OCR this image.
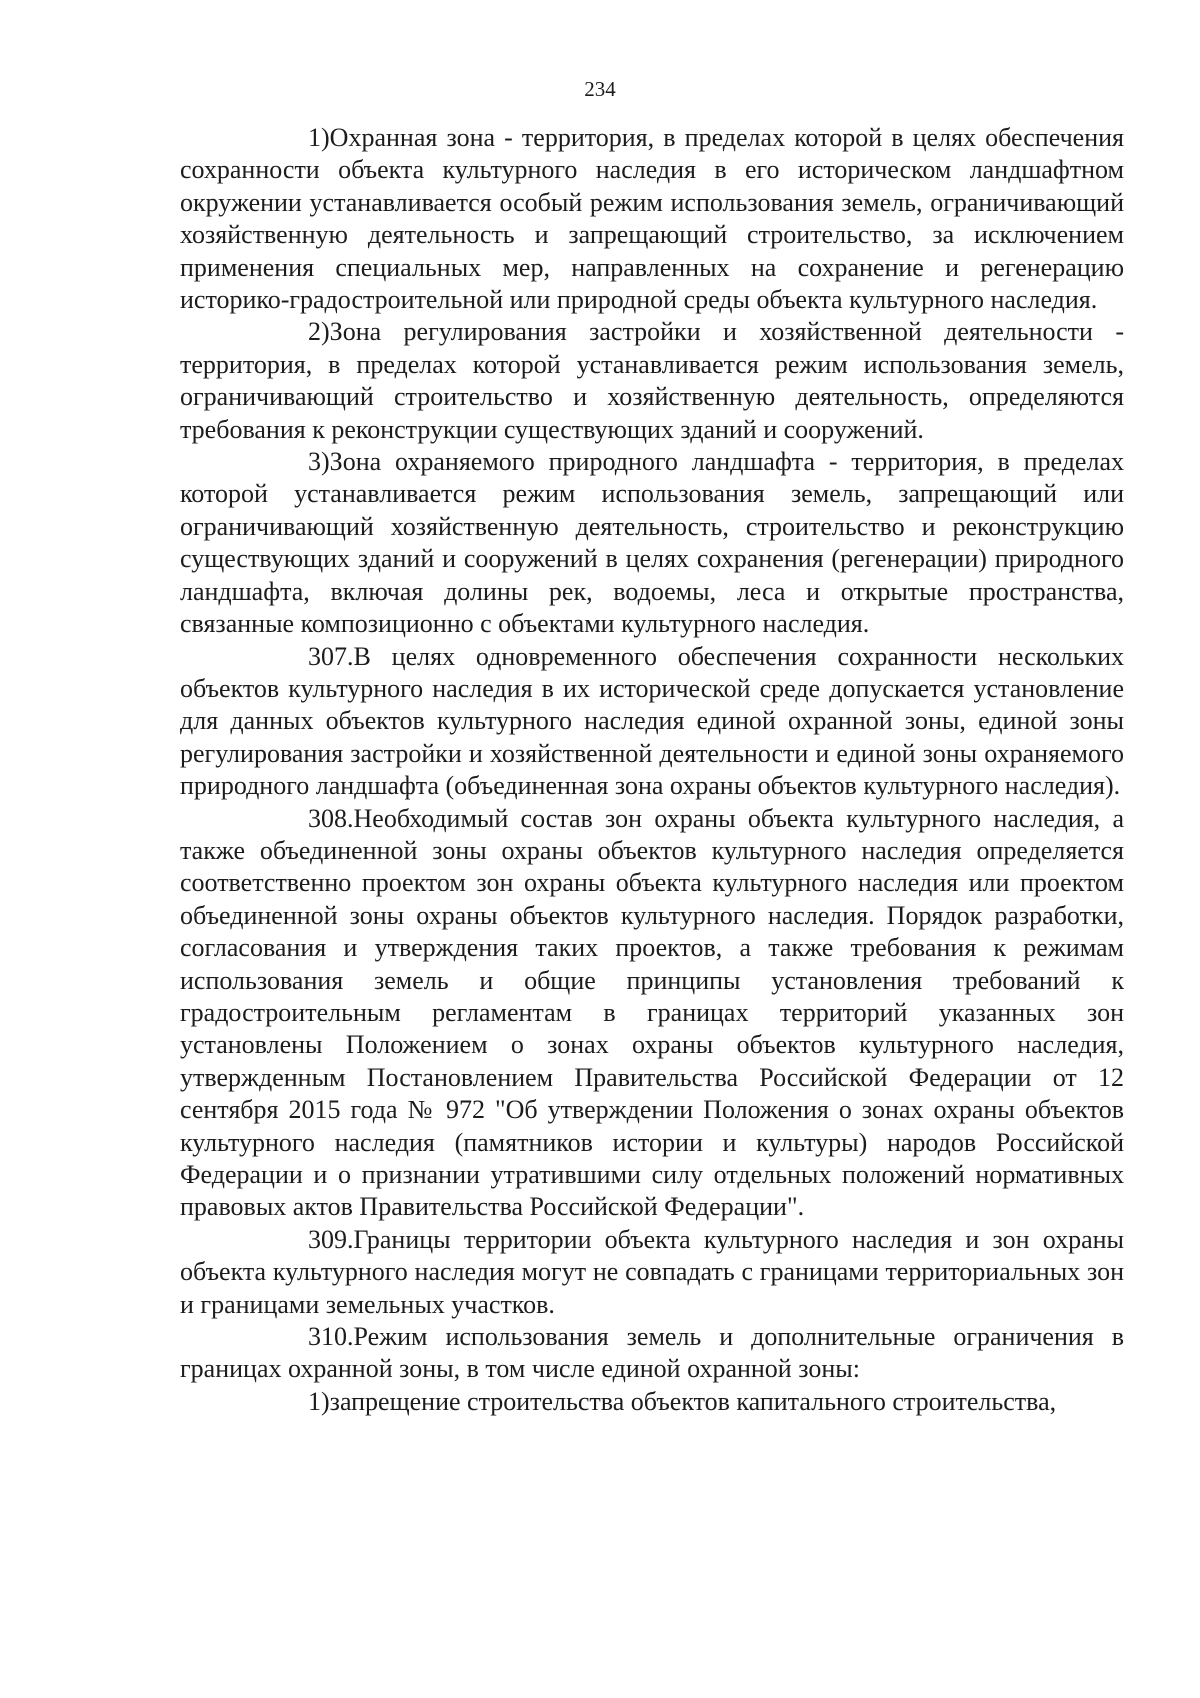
234

1)Охранная зона - территория, в пределах которой в целях обеспечения сохранности объекта культурного наследия в его историческом ландшафтном окружении устанавливается особый режим использования земель, ограничивающий хозяйственную деятельность и запрещающий строительство, за исключением применения специальных мер, направленных на сохранение и регенерацию историко-градостроительной или природной среды объекта культурного наследия.

2)Зона регулирования застройки и хозяйственной деятельности - территория, в пределах которой устанавливается режим использования земель, ограничивающий строительство и хозяйственную деятельность, определяются требования к реконструкции существующих зданий и сооружений.

3)Зона охраняемого природного ландшафта - территория, в пределах которой устанавливается режим использования земель, запрещающий или ограничивающий хозяйственную деятельность, строительство и реконструкцию существующих зданий и сооружений в целях сохранения (регенерации) природного ландшафта, включая долины рек, водоемы, леса и открытые пространства, связанные композиционно с объектами культурного наследия.

307.В целях одновременного обеспечения сохранности нескольких объектов культурного наследия в их исторической среде допускается установление для данных объектов культурного наследия единой охранной зоны, единой зоны регулирования застройки и хозяйственной деятельности и единой зоны охраняемого природного ландшафта (объединенная зона охраны объектов культурного наследия).

308.Необходимый состав зон охраны объекта культурного наследия, а также объединенной зоны охраны объектов культурного наследия определяется соответственно проектом зон охраны объекта культурного наследия или проектом объединенной зоны охраны объектов культурного наследия. Порядок разработки, согласования и утверждения таких проектов, а также требования к режимам использования земель и общие принципы установления требований к градостроительным регламентам в границах территорий указанных зон установлены Положением о зонах охраны объектов культурного наследия, утвержденным Постановлением Правительства Российской Федерации от 12 сентября 2015 года № 972 "Об утверждении Положения о зонах охраны объектов культурного наследия (памятников истории и культуры) народов Российской Федерации и о признании утратившими силу отдельных положений нормативных правовых актов Правительства Российской Федерации".

309.Границы территории объекта культурного наследия и зон охраны объекта культурного наследия могут не совпадать с границами территориальных зон и границами земельных участков.

310.Режим использования земель и дополнительные ограничения в границах охранной зоны, в том числе единой охранной зоны:

1)запрещение строительства объектов капитального строительства,
